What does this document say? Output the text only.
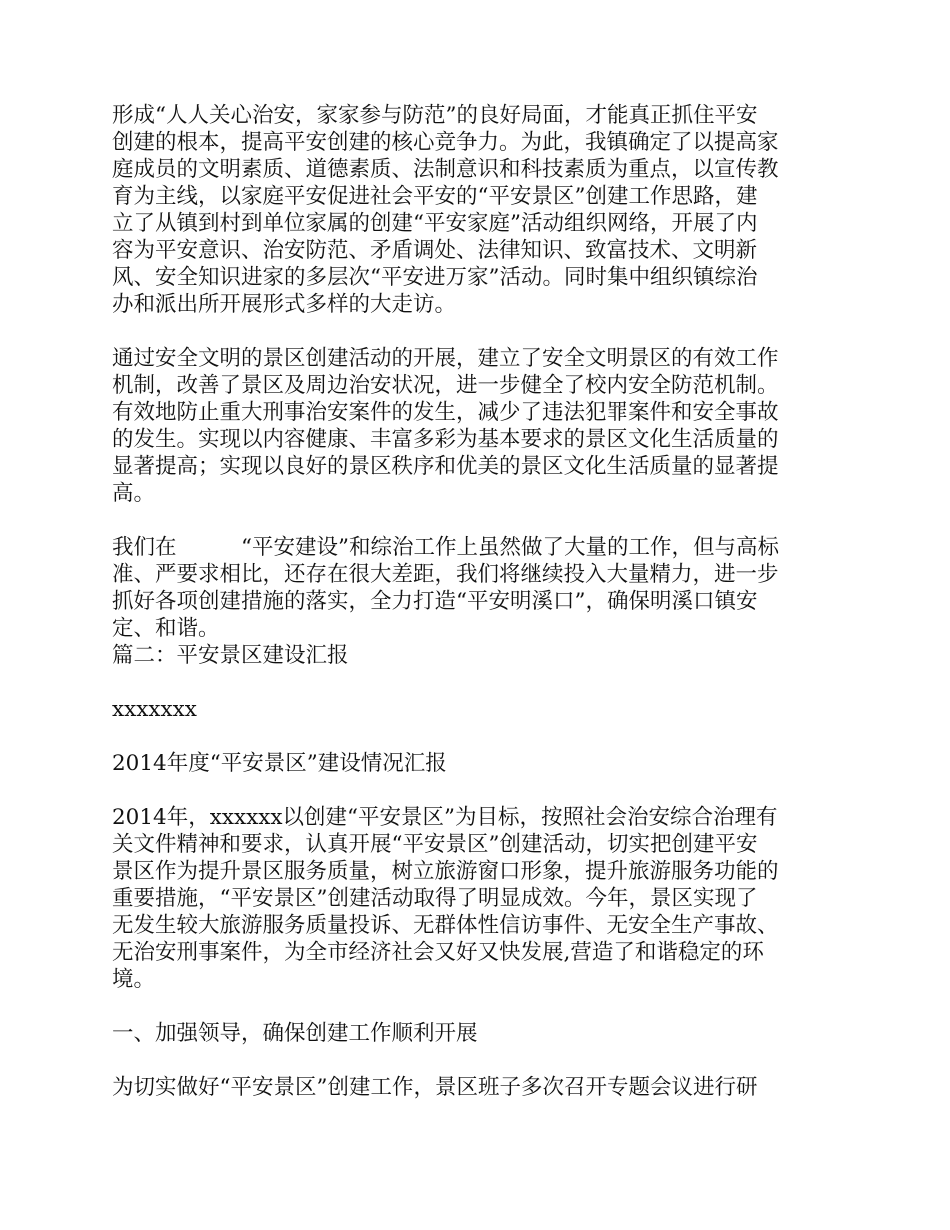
形成“人人关心治安，家家参与防范”的良好局面，才能真正抓住平安
创建的根本，提高平安创建的核心竞争力。为此，我镇确定了以提高家
庭成员的文明素质、道德素质、法制意识和科技素质为重点，以宣传教
育为主线，以家庭平安促进社会平安的“平安景区”创建工作思路，建
立了从镇到村到单位家属的创建“平安家庭”活动组织网络，开展了内
容为平安意识、治安防范、矛盾调处、法律知识、致富技术、文明新
风、安全知识进家的多层次“平安进万家”活动。同时集中组织镇综治
办和派出所开展形式多样的大走访。
通过安全文明的景区创建活动的开展，建立了安全文明景区的有效工作
机制，改善了景区及周边治安状况，进一步健全了校内安全防范机制。
有效地防止重大刑事治安案件的发生，减少了违法犯罪案件和安全事故
的发生。实现以内容健康、丰富多彩为基本要求的景区文化生活质量的
显著提高；实现以良好的景区秩序和优美的景区文化生活质量的显著提
高。
我们在　　　“平安建设”和综治工作上虽然做了大量的工作，但与高标
准、严要求相比，还存在很大差距，我们将继续投入大量精力，进一步
抓好各项创建措施的落实，全力打造“平安明溪口”，确保明溪口镇安
定、和谐。
篇二：平安景区建设汇报
xxxxxxx
2014年度“平安景区”建设情况汇报
2014年，xxxxxx以创建“平安景区”为目标，按照社会治安综合治理有
关文件精神和要求，认真开展“平安景区”创建活动，切实把创建平安
景区作为提升景区服务质量，树立旅游窗口形象，提升旅游服务功能的
重要措施，“平安景区”创建活动取得了明显成效。今年，景区实现了
无发生较大旅游服务质量投诉、无群体性信访事件、无安全生产事故、
无治安刑事案件，为全市经济社会又好又快发展,营造了和谐稳定的环
境。
一、加强领导，确保创建工作顺利开展
为切实做好“平安景区”创建工作，景区班子多次召开专题会议进行研
